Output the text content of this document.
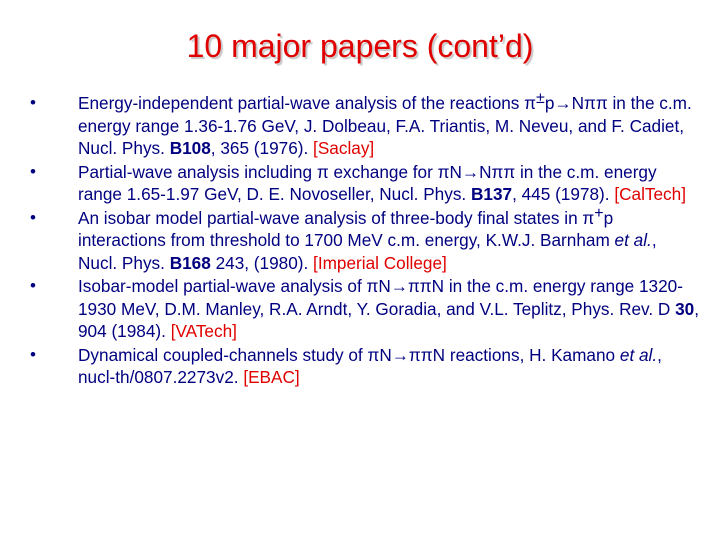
10 major papers (cont’d)
•	Energy-independent partial-wave analysis of the reactions π±p→Nππ in the c.m. energy range 1.36-1.76 GeV, J. Dolbeau, F.A. Triantis, M. Neveu, and F. Cadiet, Nucl. Phys. B108, 365 (1976). [Saclay]
•	Partial-wave analysis including π exchange for πN→Nππ in the c.m. energy range 1.65-1.97 GeV, D. E. Novoseller, Nucl. Phys. B137, 445 (1978). [CalTech]
•	An isobar model partial-wave analysis of three-body final states in π+p interactions from threshold to 1700 MeV c.m. energy, K.W.J. Barnham et al., Nucl. Phys. B168 243, (1980). [Imperial College]
•	Isobar-model partial-wave analysis of πN→ππN in the c.m. energy range 1320-1930 MeV, D.M. Manley, R.A. Arndt, Y. Goradia, and V.L. Teplitz, Phys. Rev. D 30, 904 (1984). [VATech]
•	Dynamical coupled-channels study of πN→ππN reactions, H. Kamano et al., nucl-th/0807.2273v2. [EBAC]
